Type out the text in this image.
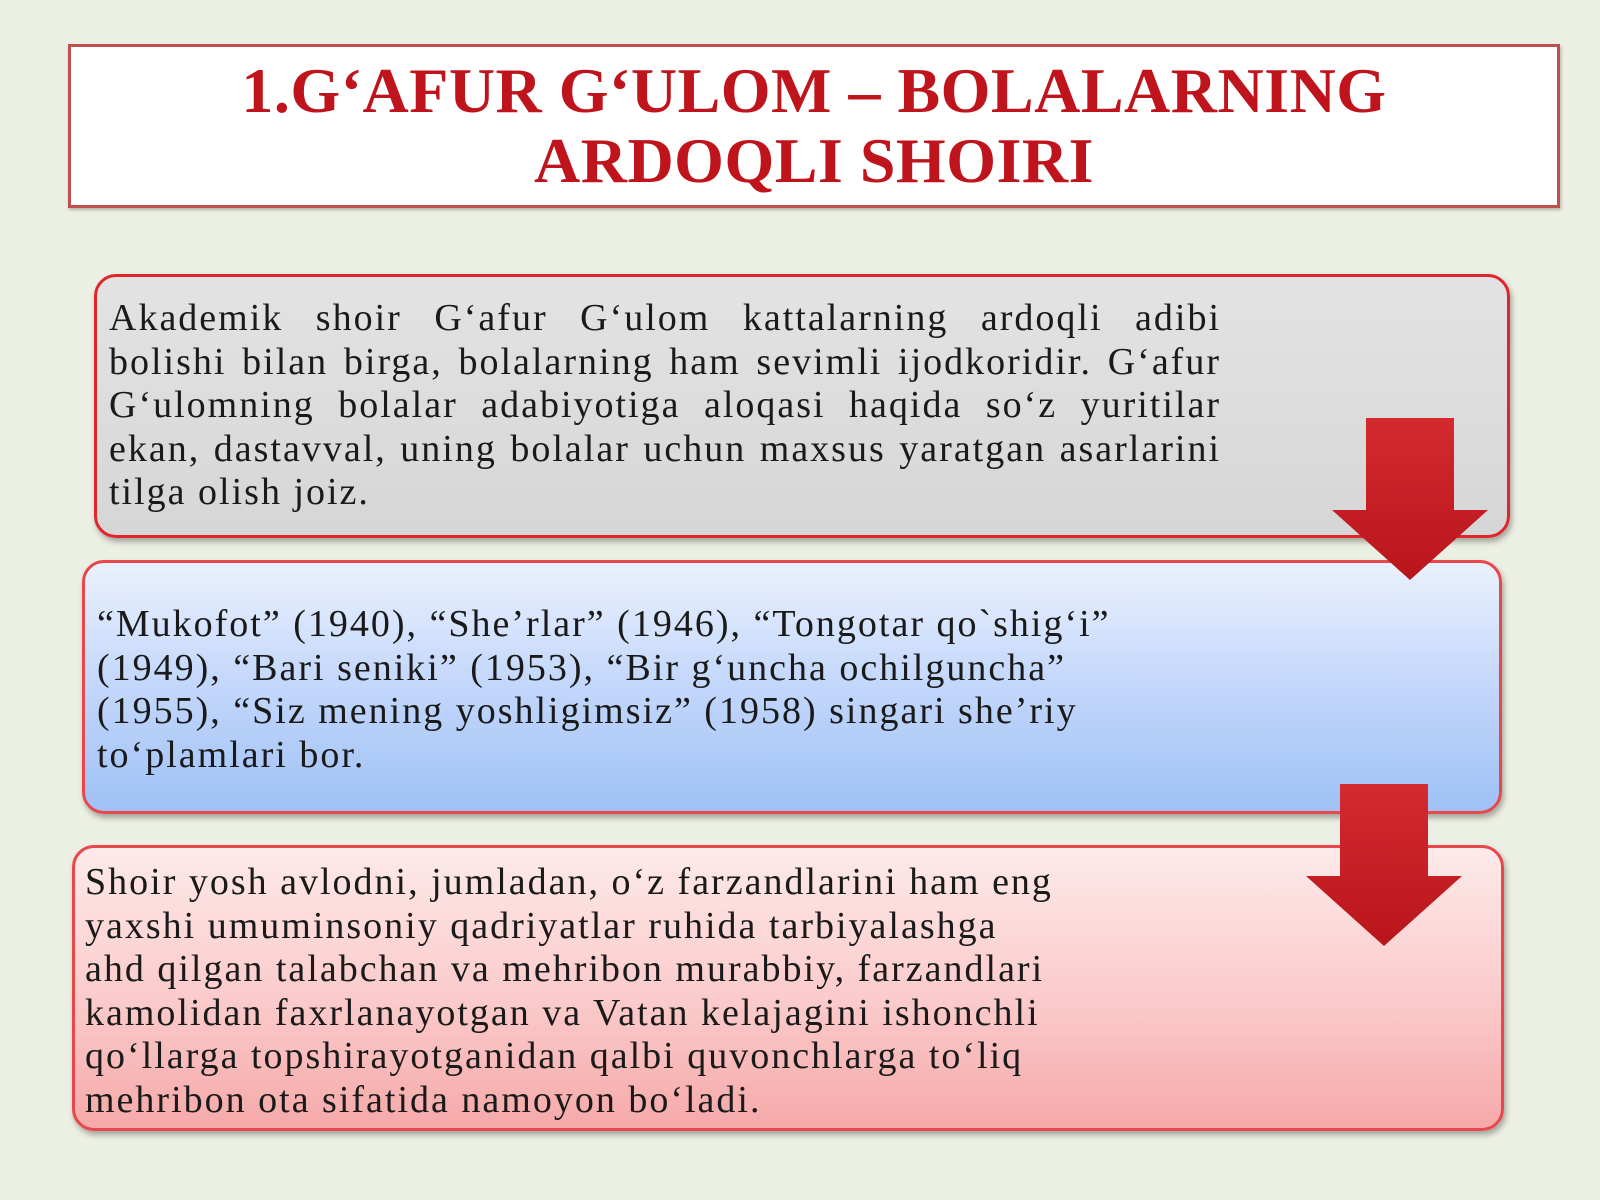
1.G‘AFUR G‘ULOM – BOLALARNING
ARDOQLI SHOIRI

Akademik shoir G‘afur G‘ulom kattalarning ardoqli adibi bolishi bilan birga, bolalarning ham sevimli ijodkoridir. G‘afur G‘ulomning bolalar adabiyotiga aloqasi haqida so‘z yuritilar ekan, dastavval, uning bolalar uchun maxsus yaratgan asarlarini tilga olish joiz.

“Mukofot” (1940), “She’rlar” (1946), “Tongotar qo`shig‘i”
(1949), “Bari seniki” (1953), “Bir g‘uncha ochilguncha”
(1955), “Siz mening yoshligimsiz” (1958) singari she’riy
to‘plamlari bor.

Shoir yosh avlodni, jumladan, o‘z farzandlarini ham eng
yaxshi umuminsoniy qadriyatlar ruhida tarbiyalashga
ahd qilgan talabchan va mehribon murabbiy, farzandlari
kamolidan faxrlanayotgan va Vatan kelajagini ishonchli
qo‘llarga topshirayotganidan qalbi quvonchlarga to‘liq
mehribon ota sifatida namoyon bo‘ladi.
